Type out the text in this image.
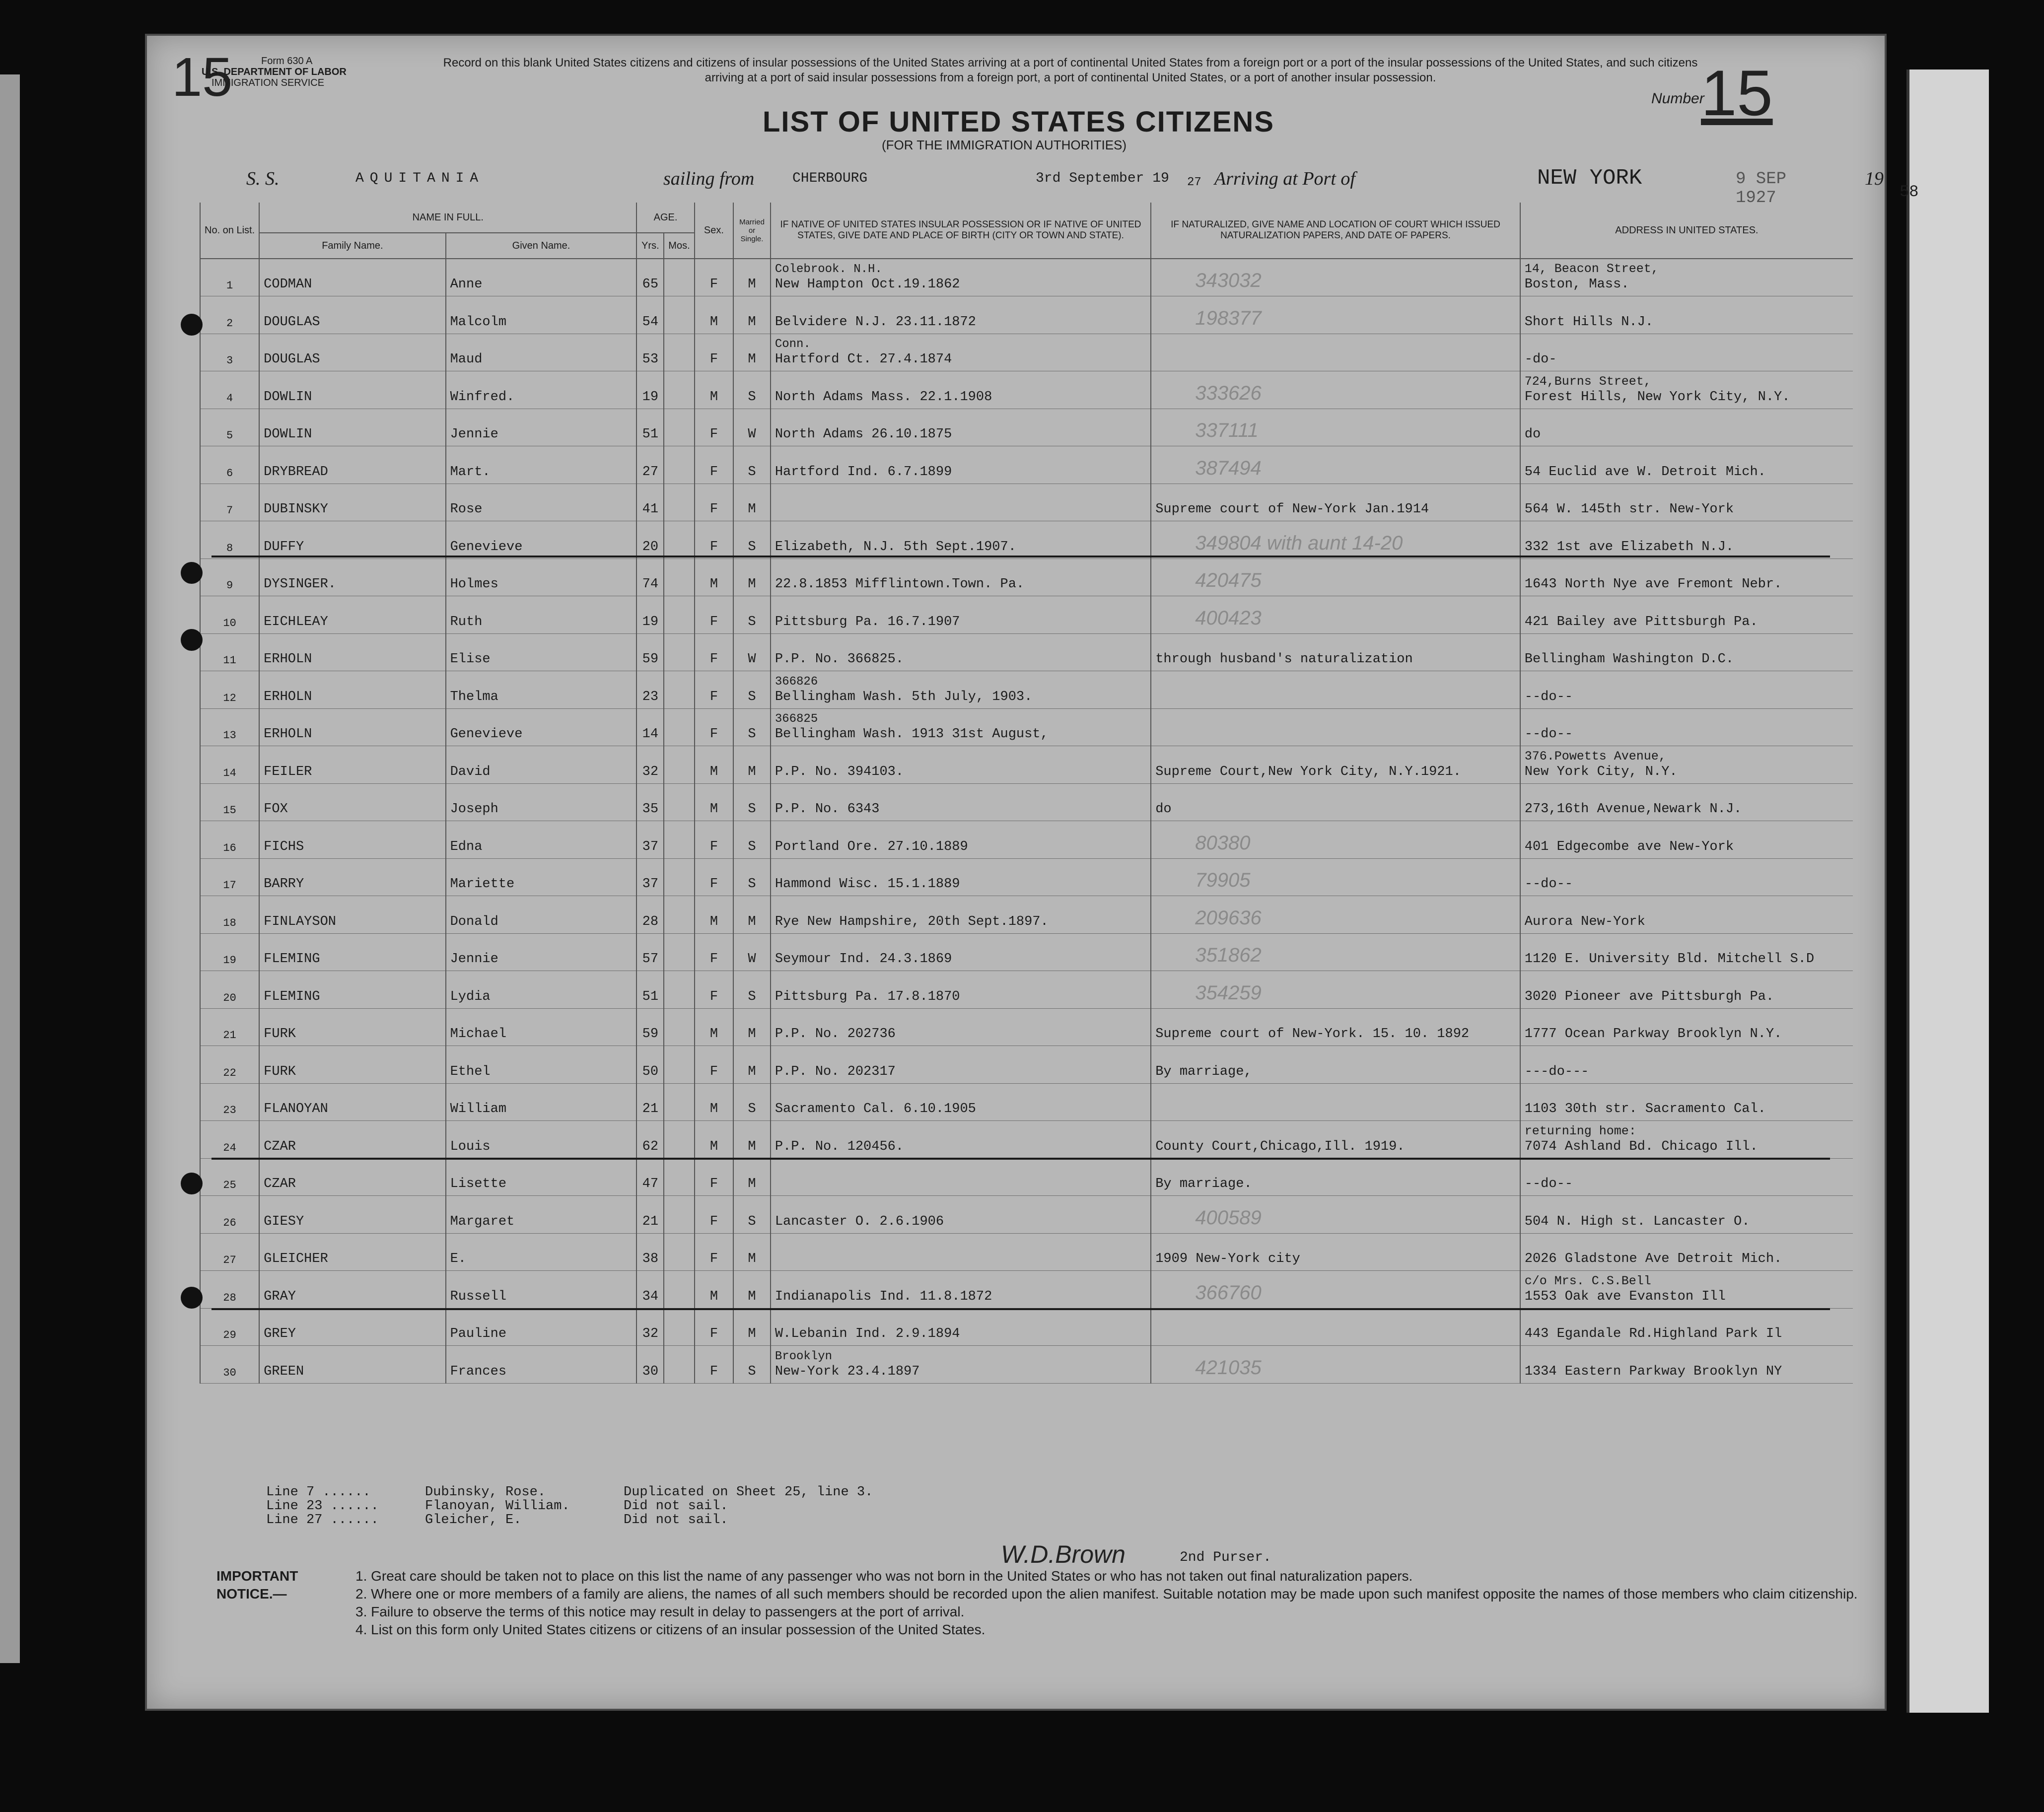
15	Form 630 A
U.S. DEPARTMENT OF LABOR
IMMIGRATION SERVICE
Record on this blank United States citizens and citizens of insular possessions of the United States arriving at a port of continental United States from a foreign port or a port of the insular possessions of the United States, and such citizens arriving at a port of said insular possessions from a foreign port, a port of continental United States, or a port of another insular possession.
LIST OF UNITED STATES CITIZENS
(FOR THE IMMIGRATION AUTHORITIES)
Number
15
S. S.	AQUITANIA	sailing from	CHERBOURG	3rd September 19 27 Arriving at Port of	NEW YORK	9 SEP 1927
19
58
No. on List.	NAME IN FULL.		AGE.		Sex.	Married or Single.	IF NATIVE OF UNITED STATES INSULAR POSSESSION OR IF NATIVE OF UNITED STATES, GIVE DATE AND PLACE OF BIRTH (CITY OR TOWN AND STATE).	IF NATURALIZED, GIVE NAME AND LOCATION OF COURT WHICH ISSUED NATURALIZATION PAPERS, AND DATE OF PAPERS.	ADDRESS IN UNITED STATES.
	Family Name.	Given Name.	Yrs.	Mos.					
1	CODMAN	Anne	65		F	M	Colebrook. N.H.
New Hampton Oct.19.1862	343032	14, Beacon Street,
Boston, Mass.
2	DOUGLAS	Malcolm	54		M	M	Belvidere N.J. 23.11.1872	198377	Short Hills N.J.
3	DOUGLAS	Maud	53		F	M	Conn.
Hartford Ct. 27.4.1874		-do-
4	DOWLIN	Winfred.	19		M	S	North Adams Mass. 22.1.1908	333626	724,Burns Street,
Forest Hills, New York City, N.Y.
5	DOWLIN	Jennie	51		F	W	North Adams 26.10.1875	337111	do
6	DRYBREAD	Mart.	27		F	S	Hartford Ind. 6.7.1899	387494	54 Euclid ave W. Detroit Mich.
7	DUBINSKY	Rose	41		F	M		Supreme court of New-York Jan.1914	564 W. 145th str. New-York
8	DUFFY	Genevieve	20		F	S	Elizabeth, N.J. 5th Sept.1907.	349804 with aunt 14-20	332 1st ave Elizabeth N.J.
9	DYSINGER.	Holmes	74		M	M	22.8.1853 Mifflintown.Town. Pa.	420475	1643 North Nye ave Fremont Nebr.
10	EICHLEAY	Ruth	19		F	S	Pittsburg Pa. 16.7.1907	400423	421 Bailey ave Pittsburgh Pa.
11	ERHOLN	Elise	59		F	W	P.P. No. 366825.	through husband's naturalization	Bellingham Washington D.C.
12	ERHOLN	Thelma	23		F	S	366826
Bellingham Wash. 5th July, 1903.		--do--
13	ERHOLN	Genevieve	14		F	S	366825
Bellingham Wash. 1913 31st August,		--do--
14	FEILER	David	32		M	M	P.P. No. 394103.	Supreme Court,New York City, N.Y.1921.	376.Powetts Avenue,
New York City, N.Y.
15	FOX	Joseph	35		M	S	P.P. No. 6343	do	273,16th Avenue,Newark N.J.
16	FICHS	Edna	37		F	S	Portland Ore. 27.10.1889	80380	401 Edgecombe ave New-York
17	BARRY	Mariette	37		F	S	Hammond Wisc. 15.1.1889	79905	--do--
18	FINLAYSON	Donald	28		M	M	Rye New Hampshire, 20th Sept.1897.	209636	Aurora New-York
19	FLEMING	Jennie	57		F	W	Seymour Ind. 24.3.1869	351862	1120 E. University Bld. Mitchell S.D
20	FLEMING	Lydia	51		F	S	Pittsburg Pa. 17.8.1870	354259	3020 Pioneer ave Pittsburgh Pa.
21	FURK	Michael	59		M	M	P.P. No. 202736	Supreme court of New-York. 15. 10. 1892	1777 Ocean Parkway Brooklyn N.Y.
22	FURK	Ethel	50		F	M	P.P. No. 202317	By marriage,	---do---
23	FLANOYAN	William	21		M	S	Sacramento Cal. 6.10.1905		1103 30th str. Sacramento Cal.
24	CZAR	Louis	62		M	M	P.P. No. 120456.	County Court,Chicago,Ill. 1919.	returning home:
7074 Ashland Bd. Chicago Ill.
25	CZAR	Lisette	47		F	M		By marriage.	--do--
26	GIESY	Margaret	21		F	S	Lancaster O. 2.6.1906	400589	504 N. High st. Lancaster O.
27	GLEICHER	E.	38		F	M		1909 New-York city	2026 Gladstone Ave Detroit Mich.
28	GRAY	Russell	34		M	M	Indianapolis Ind. 11.8.1872	366760	c/o Mrs. C.S.Bell
1553 Oak ave Evanston Ill
29	GREY	Pauline	32		F	M	W.Lebanin Ind. 2.9.1894		443 Egandale Rd.Highland Park Il
30	GREEN	Frances	30		F	S	Brooklyn
New-York 23.4.1897	421035	1334 Eastern Parkway Brooklyn NY
Line 7 ......	Dubinsky, Rose.	Duplicated on Sheet 25, line 3.
Line 23 ......	Flanoyan, William.	Did not sail.
Line 27 ......	Gleicher, E.	Did not sail.
W.D.Brown	2nd Purser.
IMPORTANT NOTICE.—
1. Great care should be taken not to place on this list the name of any passenger who was not born in the United States or who has not taken out final naturalization papers.
2. Where one or more members of a family are aliens, the names of all such members should be recorded upon the alien manifest. Suitable notation may be made upon such manifest opposite the names of those members who claim citizenship.
3. Failure to observe the terms of this notice may result in delay to passengers at the port of arrival.
4. List on this form only United States citizens or citizens of an insular possession of the United States.
